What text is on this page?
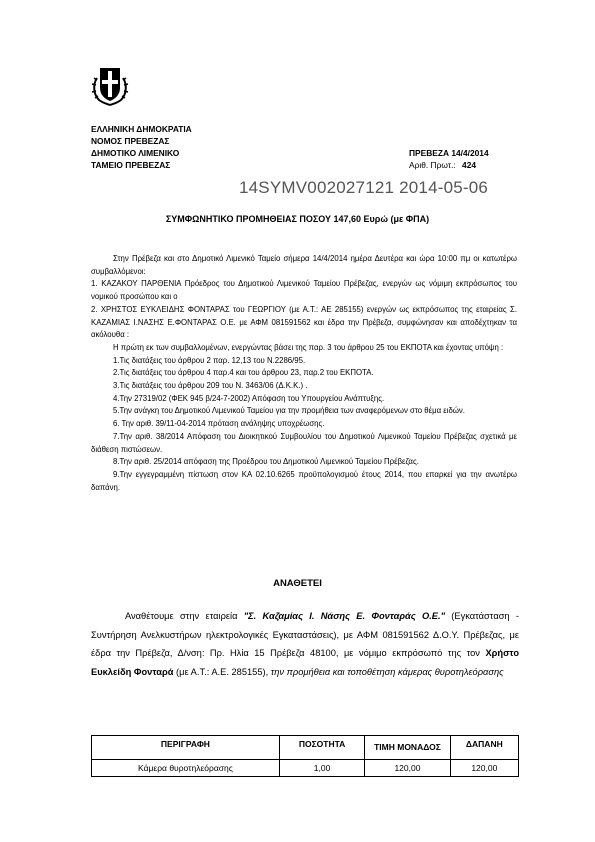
ΕΛΛΗΝΙΚΗ ΔΗΜΟΚΡΑΤΙΑ
ΝΟΜΟΣ ΠΡΕΒΕΖΑΣ
ΔΗΜΟΤΙΚΟ ΛΙΜΕΝΙΚΟ
ΤΑΜΕΙΟ ΠΡΕΒΕΖΑΣ
ΠΡΕΒΕΖΑ 14/4/2014
Αριθ. Πρωτ.: 424
14SYMV002027121 2014-05-06
ΣΥΜΦΩΝΗΤΙΚΟ ΠΡΟΜΗΘΕΙΑΣ ΠΟΣΟΥ 147,60 Ευρώ (με ΦΠΑ)

Στην Πρέβεζα και στο Δημοτικό Λιμενικό Ταμείο σήμερα 14/4/2014 ημέρα Δευτέρα και ώρα 10:00 πμ οι κατωτέρω συμβαλλόμενοι:

1. ΚΑΖΑΚΟΥ ΠΑΡΘΕΝΙΑ Πρόεδρος του Δημοτικού Λιμενικού Ταμείου Πρέβεζας, ενεργών ως νόμιμη εκπρόσωπος του νομικού προσώπου και ο

2. ΧΡΗΣΤΟΣ ΕΥΚΛΕΙΔΗΣ ΦΟΝΤΑΡΑΣ του ΓΕΩΡΓΙΟΥ (με Α.Τ.: ΑΕ 285155) ενεργών ως εκπρόσωπος της εταιρείας Σ. ΚΑΖΑΜΙΑΣ Ι.ΝΑΣΗΣ Ε.ΦΟΝΤΑΡΑΣ Ο.Ε. με ΑΦΜ 081591562 και έδρα την Πρέβεζα, συμφώνησαν και αποδέχτηκαν τα ακόλουθα :

Η πρώτη εκ των συμβαλλομένων, ενεργώντας βάσει της παρ. 3 του άρθρου 25 του ΕΚΠΟΤΑ και έχοντας υπόψη :

1.Τις διατάξεις του άρθρου 2 παρ. 12,13 του Ν.2286/95.

2.Τις διατάξεις του άρθρου 4 παρ.4 και του άρθρου 23, παρ.2 του ΕΚΠΟΤΑ.

3.Τις διατάξεις του άρθρου 209 του Ν. 3463/06 (Δ.Κ.Κ.) .

4.Την 27319/02 (ΦΕΚ 945 β/24-7-2002) Απόφαση του Υπουργείου Ανάπτυξης.

5.Την ανάγκη του Δημοτικού Λιμενικού Ταμείου για την προμήθεια των αναφερόμενων στο θέμα ειδών.

6. Την αριθ. 39/11-04-2014 πρόταση ανάληψης υποχρέωσης.

7.Την αριθ. 38/2014 Απόφαση του Διοικητικού Συμβουλίου του Δημοτικού Λιμενικού Ταμείου Πρέβεζας σχετικά με διάθεση πιστώσεων.

8.Την αριθ. 25/2014 απόφαση της Προέδρου του Δημοτικού Λιμενικού Ταμείου Πρέβεζας.

9.Την εγγεγραμμένη πίστωση στον ΚΑ 02.10.6265 προϋπολογισμού έτους 2014, που επαρκεί για την ανωτέρω δαπάνη.

ΑΝΑΘΕΤΕΙ

Αναθέτουμε στην εταιρεία "Σ. Καζαμίας Ι. Νάσης Ε. Φονταράς Ο.Ε." (Εγκατάσταση - Συντήρηση Ανελκυστήρων ηλεκτρολογικές Εγκαταστάσεις), με ΑΦΜ 081591562 Δ.Ο.Υ. Πρέβεζας, με έδρα την Πρέβεζα, Δ/νση: Πρ. Ηλία 15 Πρέβεζα 48100, με νόμιμο εκπρόσωπό της τον Χρήστο Ευκλείδη Φονταρά (με Α.Τ.: Α.Ε. 285155), την προμήθεια και τοποθέτηση κάμερας θυροτηλεόρασης

ΠΕΡΙΓΡΑΦΗ	ΠΟΣΟΤΗΤΑ	ΤΙΜΗ ΜΟΝΑΔΟΣ	ΔΑΠΑΝΗ
Κάμερα θυροτηλεόρασης	1,00	120,00	120,00
